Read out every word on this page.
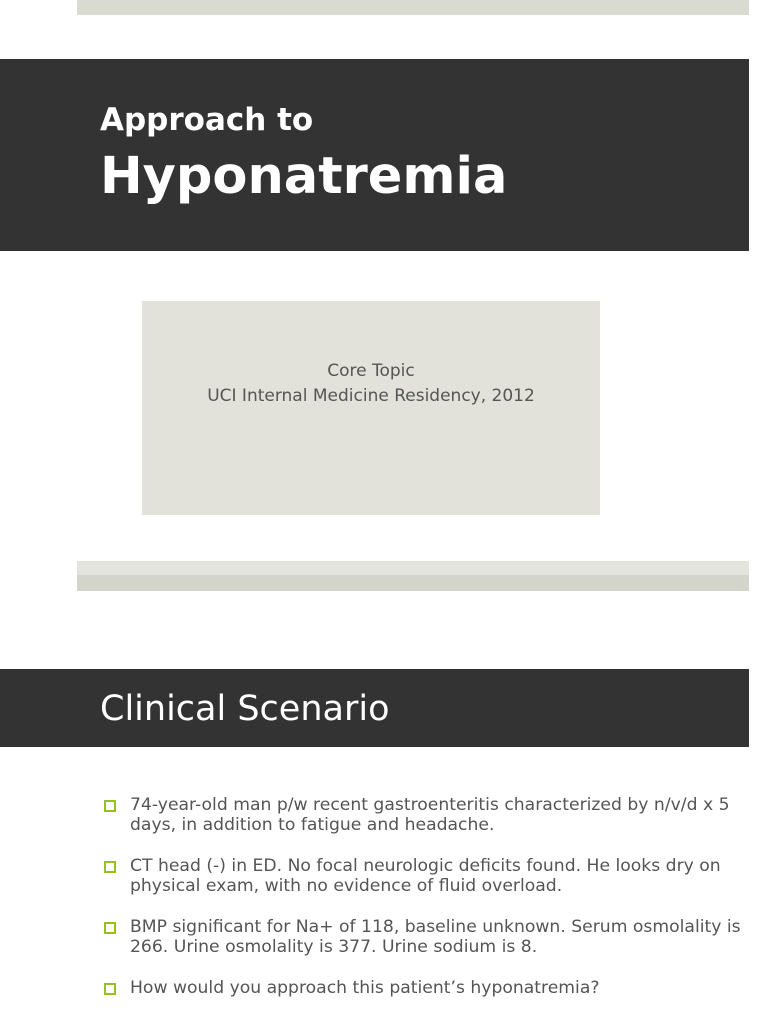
Approach to
Hyponatremia
Core Topic
UCI Internal Medicine Residency, 2012
Clinical Scenario
74-year-old man p/w recent gastroenteritis characterized by n/v/d x 5 days, in addition to fatigue and headache.
CT head (-) in ED. No focal neurologic deficits found. He looks dry on physical exam, with no evidence of fluid overload.
BMP significant for Na+ of 118, baseline unknown. Serum osmolality is 266. Urine osmolality is 377. Urine sodium is 8.
How would you approach this patient’s hyponatremia?
